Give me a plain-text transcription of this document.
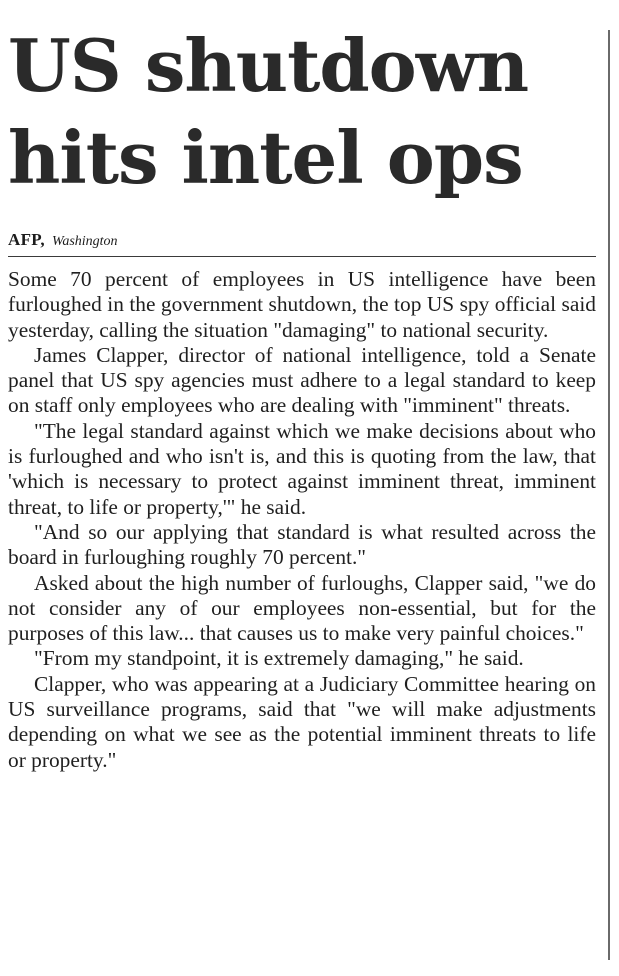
US shutdown
hits intel ops
AFP, Washington

Some 70 percent of employees in US intelligence have been furloughed in the government shutdown, the top US spy official said yesterday, calling the situation "damaging" to national security.

James Clapper, director of national intelligence, told a Senate panel that US spy agencies must adhere to a legal standard to keep on staff only employees who are dealing with "imminent" threats.

"The legal standard against which we make decisions about who is furloughed and who isn't is, and this is quoting from the law, that 'which is necessary to protect against imminent threat, imminent threat, to life or property,'" he said.

"And so our applying that standard is what resulted across the board in furloughing roughly 70 percent."

Asked about the high number of furloughs, Clapper said, "we do not consider any of our employees non-essential, but for the purposes of this law... that causes us to make very painful choices."

"From my standpoint, it is extremely damaging," he said.

Clapper, who was appearing at a Judiciary Committee hearing on US surveillance programs, said that "we will make adjustments depending on what we see as the potential imminent threats to life or property."
